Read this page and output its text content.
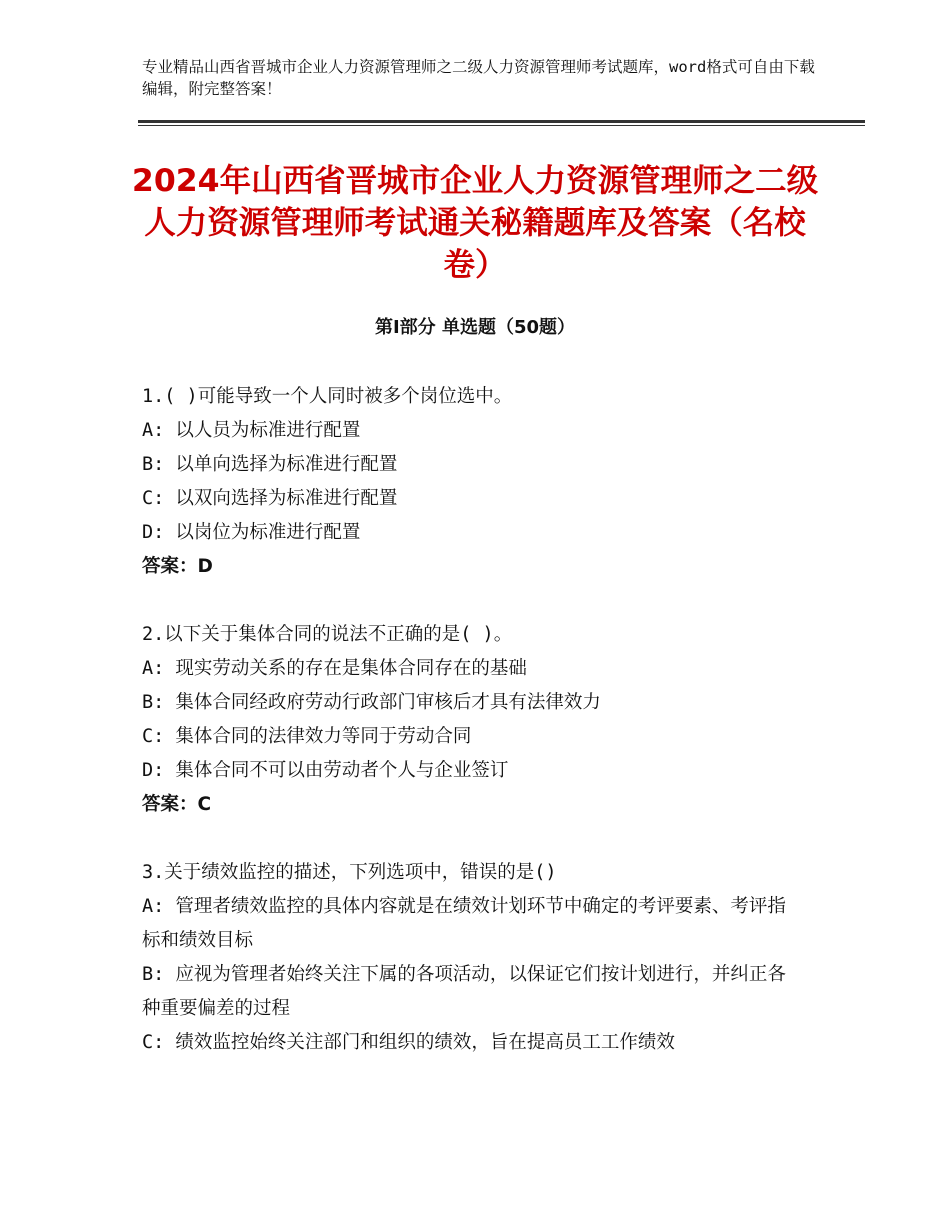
专业精品山西省晋城市企业人力资源管理师之二级人力资源管理师考试题库，word格式可自由下载编辑，附完整答案！
2024年山西省晋城市企业人力资源管理师之二级人力资源管理师考试通关秘籍题库及答案（名校卷）
第Ⅰ部分 单选题（50题）

1.( )可能导致一个人同时被多个岗位选中。

A: 以人员为标准进行配置

B: 以单向选择为标准进行配置

C: 以双向选择为标准进行配置

D: 以岗位为标准进行配置

答案：D

2.以下关于集体合同的说法不正确的是( )。

A: 现实劳动关系的存在是集体合同存在的基础

B: 集体合同经政府劳动行政部门审核后才具有法律效力

C: 集体合同的法律效力等同于劳动合同

D: 集体合同不可以由劳动者个人与企业签订

答案：C

3.关于绩效监控的描述，下列选项中，错误的是()

A: 管理者绩效监控的具体内容就是在绩效计划环节中确定的考评要素、考评指标和绩效目标

B: 应视为管理者始终关注下属的各项活动，以保证它们按计划进行，并纠正各种重要偏差的过程

C: 绩效监控始终关注部门和组织的绩效，旨在提高员工工作绩效
